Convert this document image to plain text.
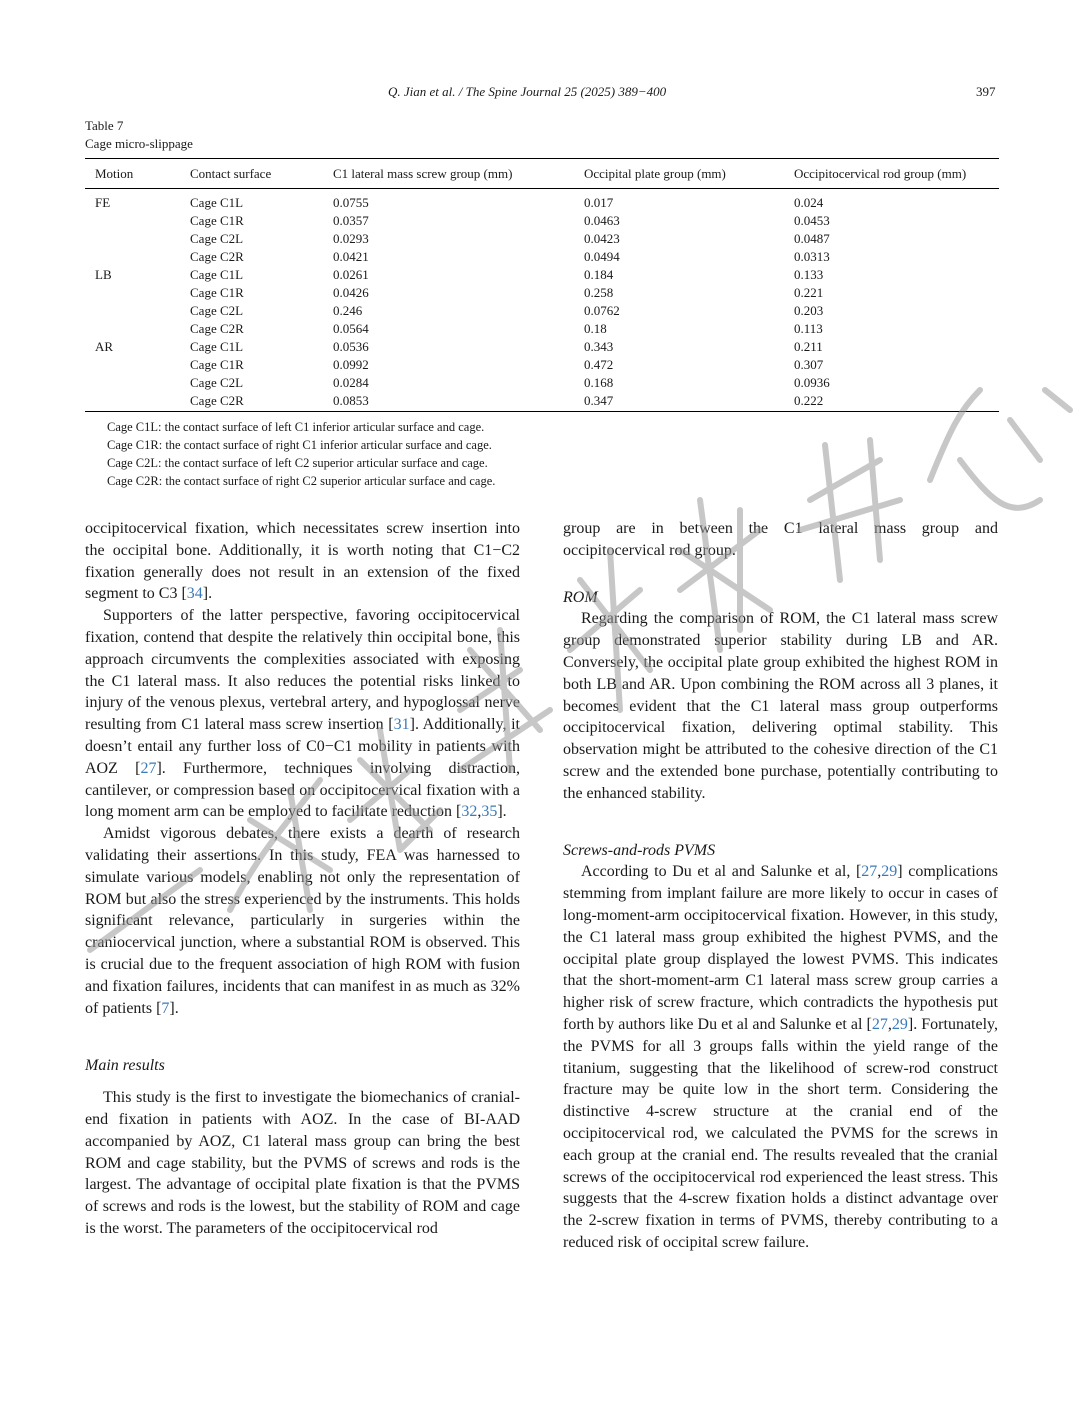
Q. Jian et al. / The Spine Journal 25 (2025) 389−400	397
Table 7
Cage micro-slippage
Motion	Contact surface	C1 lateral mass screw group (mm)	Occipital plate group (mm)	Occipitocervical rod group (mm)
FE	Cage C1L	0.0755	0.017	0.024
	Cage C1R	0.0357	0.0463	0.0453
	Cage C2L	0.0293	0.0423	0.0487
	Cage C2R	0.0421	0.0494	0.0313
LB	Cage C1L	0.0261	0.184	0.133
	Cage C1R	0.0426	0.258	0.221
	Cage C2L	0.246	0.0762	0.203
	Cage C2R	0.0564	0.18	0.113
AR	Cage C1L	0.0536	0.343	0.211
	Cage C1R	0.0992	0.472	0.307
	Cage C2L	0.0284	0.168	0.0936
	Cage C2R	0.0853	0.347	0.222
Cage C1L: the contact surface of left C1 inferior articular surface and cage.
Cage C1R: the contact surface of right C1 inferior articular surface and cage.
Cage C2L: the contact surface of left C2 superior articular surface and cage.
Cage C2R: the contact surface of right C2 superior articular surface and cage.

occipitocervical fixation, which necessitates screw insertion into the occipital bone. Additionally, it is worth noting that C1−C2 fixation generally does not result in an extension of the fixed segment to C3 [34].

Supporters of the latter perspective, favoring occipitocervical fixation, contend that despite the relatively thin occipital bone, this approach circumvents the complexities associated with exposing the C1 lateral mass. It also reduces the potential risks linked to injury of the venous plexus, vertebral artery, and hypoglossal nerve resulting from C1 lateral mass screw insertion [31]. Additionally, it doesn’t entail any further loss of C0−C1 mobility in patients with AOZ [27]. Furthermore, techniques involving distraction, cantilever, or compression based on occipitocervical fixation with a long moment arm can be employed to facilitate reduction [32,35].

Amidst vigorous debates, there exists a dearth of research validating their assertions. In this study, FEA was harnessed to simulate various models, enabling not only the representation of ROM but also the stress experienced by the instruments. This holds significant relevance, particularly in surgeries within the craniocervical junction, where a substantial ROM is observed. This is crucial due to the frequent association of high ROM with fusion and fixation failures, incidents that can manifest in as much as 32% of patients [7].

Main results

This study is the first to investigate the biomechanics of cranial-end fixation in patients with AOZ. In the case of BI-AAD accompanied by AOZ, C1 lateral mass group can bring the best ROM and cage stability, but the PVMS of screws and rods is the largest. The advantage of occipital plate fixation is that the PVMS of screws and rods is the lowest, but the stability of ROM and cage is the worst. The parameters of the occipitocervical rod

group are in between the C1 lateral mass group and occipitocervical rod group.

ROM

Regarding the comparison of ROM, the C1 lateral mass screw group demonstrated superior stability during LB and AR. Conversely, the occipital plate group exhibited the highest ROM in both LB and AR. Upon combining the ROM across all 3 planes, it becomes evident that the C1 lateral mass group outperforms occipitocervical fixation, delivering optimal stability. This observation might be attributed to the cohesive direction of the C1 screw and the extended bone purchase, potentially contributing to the enhanced stability.

Screws-and-rods PVMS

According to Du et al and Salunke et al, [27,29] complications stemming from implant failure are more likely to occur in cases of long-moment-arm occipitocervical fixation. However, in this study, the C1 lateral mass group exhibited the highest PVMS, and the occipital plate group displayed the lowest PVMS. This indicates that the short-moment-arm C1 lateral mass screw group carries a higher risk of screw fracture, which contradicts the hypothesis put forth by authors like Du et al and Salunke et al [27,29]. Fortunately, the PVMS for all 3 groups falls within the yield range of the titanium, suggesting that the likelihood of screw-rod construct fracture may be quite low in the short term. Considering the distinctive 4-screw structure at the cranial end of the occipitocervical rod, we calculated the PVMS for the screws in each group at the cranial end. The results revealed that the cranial screws of the occipitocervical rod experienced the least stress. This suggests that the 4-screw fixation holds a distinct advantage over the 2-screw fixation in terms of PVMS, thereby contributing to a reduced risk of occipital screw failure.
